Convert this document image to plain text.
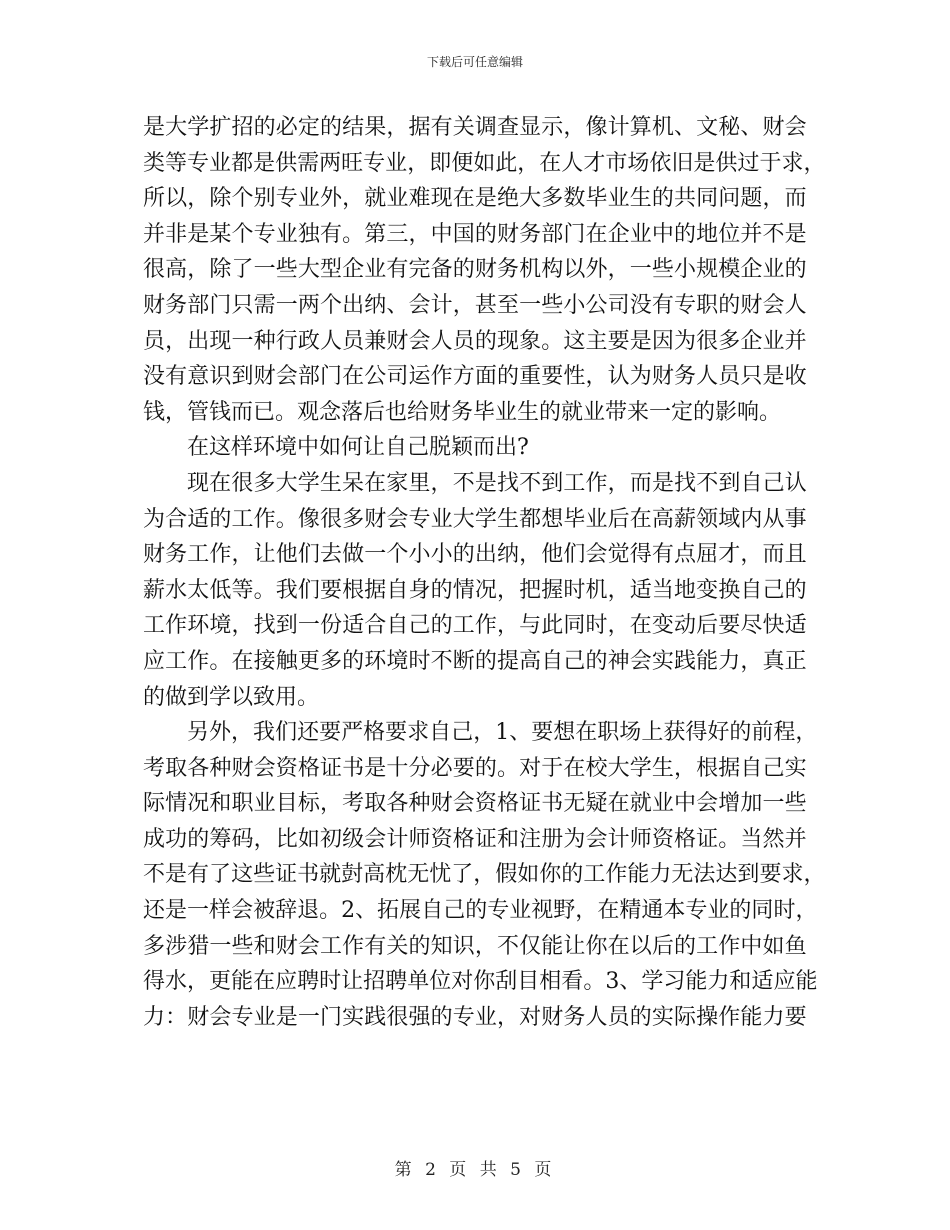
下载后可任意编辑
是 大 学 扩 招 的 必 定 的 结 果 ， 据 有 关 调 查 显 示 ， 像 计 算 机 、 文 秘 、 财 会
类 等 专 业 都 是 供 需 两 旺 专 业 ， 即 便 如 此 ， 在 人 才 市 场 依 旧 是 供 过 于 求 ，
所 以 ， 除 个 别 专 业 外 ， 就 业 难 现 在 是 绝 大 多 数 毕 业 生 的 共 同 问 题 ， 而
并 非 是 某 个 专 业 独 有 。 第 三 ， 中 国 的 财 务 部 门 在 企 业 中 的 地 位 并 不 是
很 高 ， 除 了 一 些 大 型 企 业 有 完 备 的 财 务 机 构 以 外 ， 一 些 小 规 模 企 业 的
财 务 部 门 只 需 一 两 个 出 纳 、 会 计 ， 甚 至 一 些 小 公 司 没 有 专 职 的 财 会 人
员 ， 出 现 一 种 行 政 人 员 兼 财 会 人 员 的 现 象 。 这 主 要 是 因 为 很 多 企 业 并
没 有 意 识 到 财 会 部 门 在 公 司 运 作 方 面 的 重 要 性 ， 认 为 财 务 人 员 只 是 收
钱，管钱而已。观念落后也给财务毕业生的就业带来一定的影响。
在这样环境中如何让自己脱颖而出?
现 在 很 多 大 学 生 呆 在 家 里 ， 不 是 找 不 到 工 作 ， 而 是 找 不 到 自 己 认
为 合 适 的 工 作 。 像 很 多 财 会 专 业 大 学 生 都 想 毕 业 后 在 高 薪 领 域 内 从 事
财 务 工 作 ， 让 他 们 去 做 一 个 小 小 的 出 纳 ， 他 们 会 觉 得 有 点 屈 才 ， 而 且
薪 水 太 低 等 。 我 们 要 根 据 自 身 的 情 况 ， 把 握 时 机 ， 适 当 地 变 换 自 己 的
工 作 环 境 ， 找 到 一 份 适 合 自 己 的 工 作 ， 与 此 同 时 ， 在 变 动 后 要 尽 快 适
应 工 作 。 在 接 触 更 多 的 环 境 时 不 断 的 提 高 自 己 的 神 会 实 践 能 力 ， 真 正
的做到学以致用。
另 外 ， 我 们 还 要 严 格 要 求 自 己 ， 1 、 要 想 在 职 场 上 获 得 好 的 前 程 ，
考 取 各 种 财 会 资 格 证 书 是 十 分 必 要 的 。 对 于 在 校 大 学 生 ， 根 据 自 己 实
际 情 况 和 职 业 目 标 ， 考 取 各 种 财 会 资 格 证 书 无 疑 在 就 业 中 会 增 加 一 些
成 功 的 筹 码 ， 比 如 初 级 会 计 师 资 格 证 和 注 册 为 会 计 师 资 格 证 。 当 然 并
不 是 有 了 这 些 证 书 就 尌 高 枕 无 忧 了 ， 假 如 你 的 工 作 能 力 无 法 达 到 要 求 ，
还 是 一 样 会 被 辞 退 。 2 、 拓 展 自 己 的 专 业 视 野 ， 在 精 通 本 专 业 的 同 时 ，
多 涉 猎 一 些 和 财 会 工 作 有 关 的 知 识 ， 不 仅 能 让 你 在 以 后 的 工 作 中 如 鱼
得 水 ， 更 能 在 应 聘 时 让 招 聘 单 位 对 你 刮 目 相 看 。 3 、 学 习 能 力 和 适 应 能
力 ： 财 会 专 业 是 一 门 实 践 很 强 的 专 业 ， 对 财 务 人 员 的 实 际 操 作 能 力 要
第 2 页 共 5 页
